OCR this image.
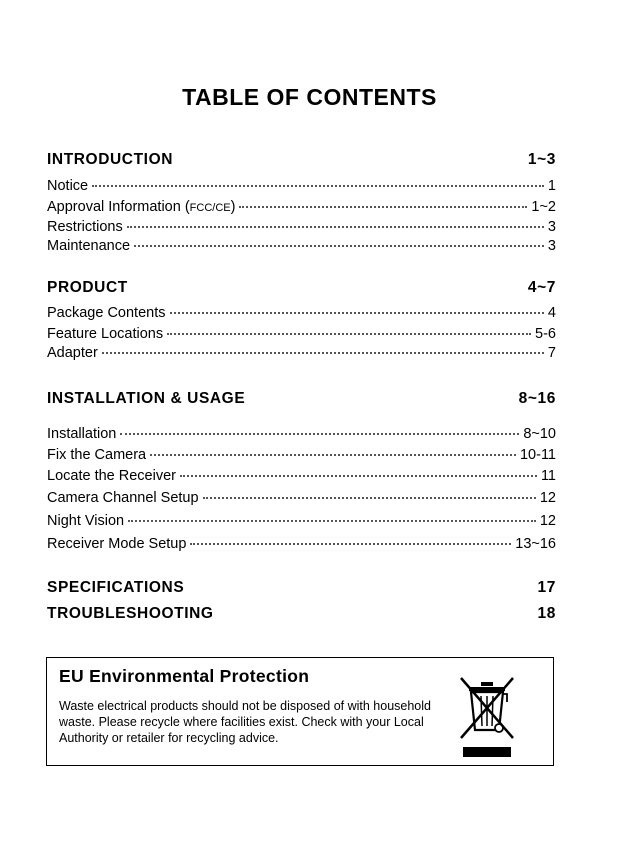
TABLE OF CONTENTS
INTRODUCTION	1~3
Notice	1
Approval Information (FCC/CE)	1~2
Restrictions	3
Maintenance	3
PRODUCT	4~7
Package Contents	4
Feature Locations	5-6
Adapter	7
INSTALLATION & USAGE	8~16
Installation	8~10
Fix the Camera	10-11
Locate the Receiver	11
Camera Channel Setup	12
Night Vision	12
Receiver Mode Setup	13~16
SPECIFICATIONS	17
TROUBLESHOOTING	18
EU Environmental Protection
Waste electrical products should not be disposed of with household waste. Please recycle where facilities exist. Check with your Local Authority or retailer for recycling advice.
